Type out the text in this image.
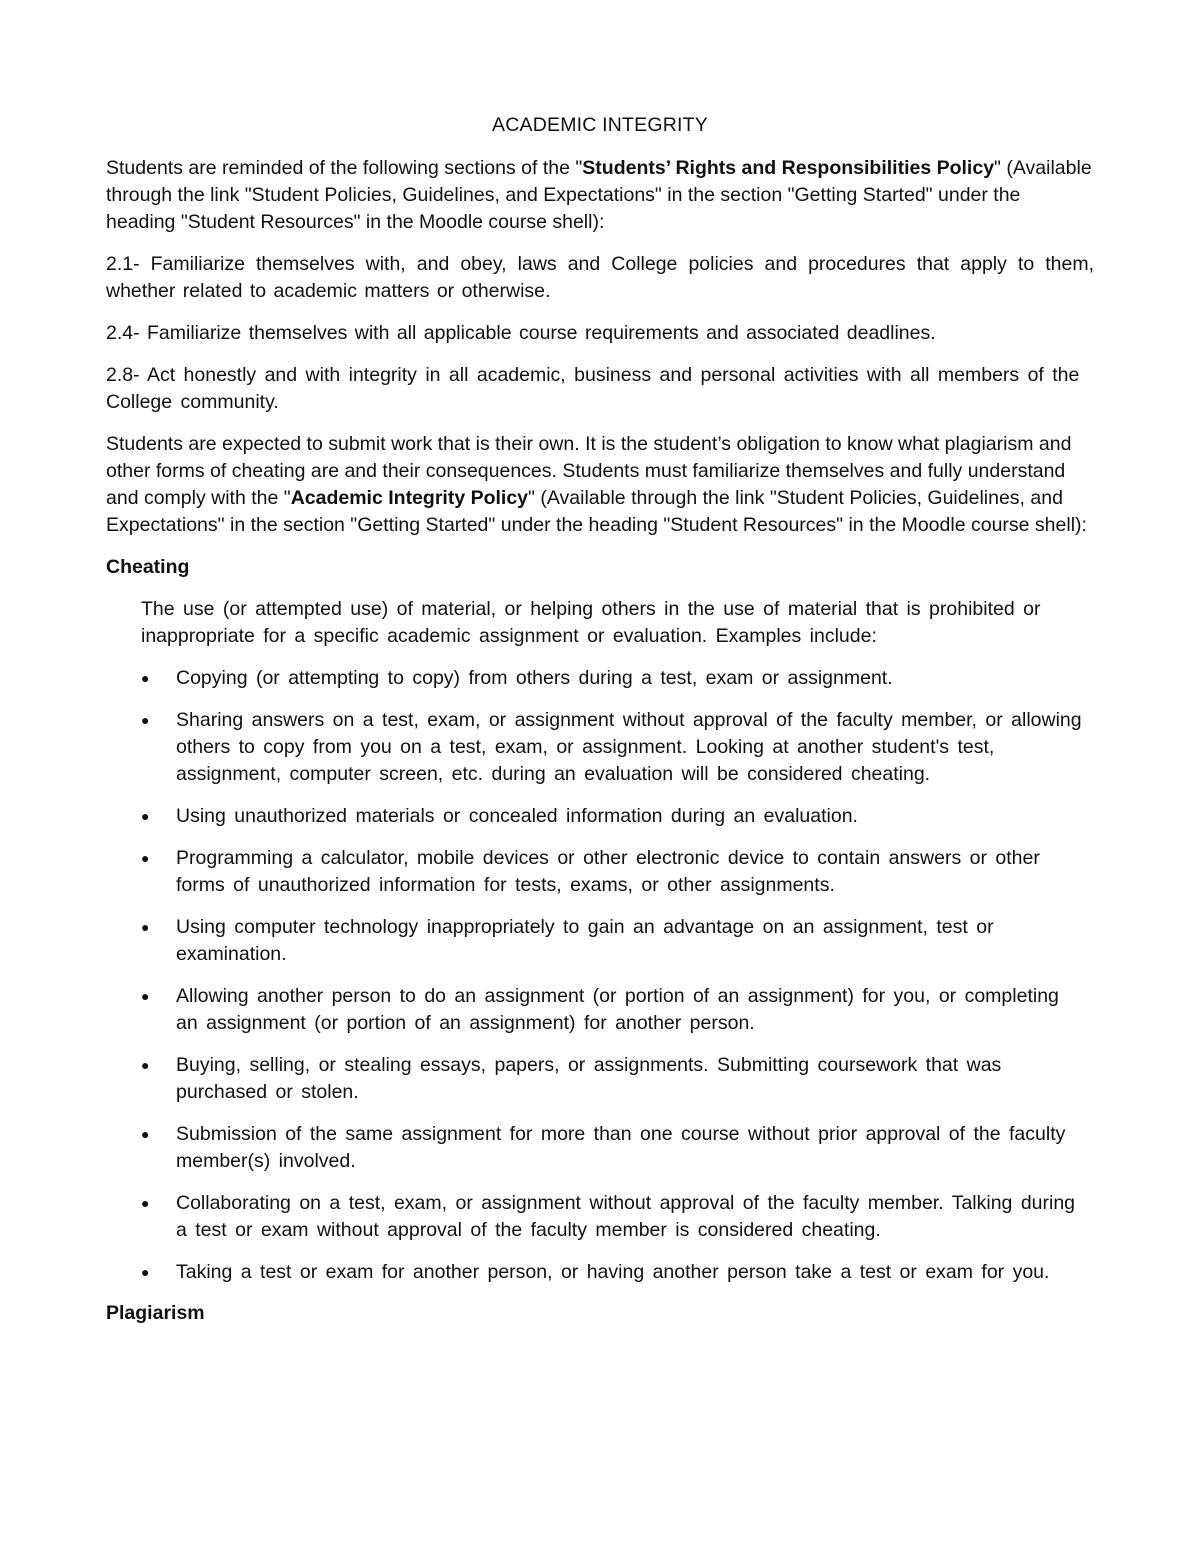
ACADEMIC INTEGRITY

Students are reminded of the following sections of the "Students’ Rights and Responsibilities Policy" (Available through the link "Student Policies, Guidelines, and Expectations" in the section "Getting Started" under the heading "Student Resources" in the Moodle course shell):

2.1- Familiarize themselves with, and obey, laws and College policies and procedures that apply to them, whether related to academic matters or otherwise.

2.4- Familiarize themselves with all applicable course requirements and associated deadlines.

2.8- Act honestly and with integrity in all academic, business and personal activities with all members of the College community.

Students are expected to submit work that is their own. It is the student’s obligation to know what plagiarism and other forms of cheating are and their consequences. Students must familiarize themselves and fully understand and comply with the "Academic Integrity Policy" (Available through the link "Student Policies, Guidelines, and Expectations" in the section "Getting Started" under the heading "Student Resources" in the Moodle course shell):

Cheating

The use (or attempted use) of material, or helping others in the use of material that is prohibited or inappropriate for a specific academic assignment or evaluation. Examples include:

● Copying (or attempting to copy) from others during a test, exam or assignment.
● Sharing answers on a test, exam, or assignment without approval of the faculty member, or allowing others to copy from you on a test, exam, or assignment. Looking at another student's test, assignment, computer screen, etc. during an evaluation will be considered cheating.
● Using unauthorized materials or concealed information during an evaluation.
● Programming a calculator, mobile devices or other electronic device to contain answers or other forms of unauthorized information for tests, exams, or other assignments.
● Using computer technology inappropriately to gain an advantage on an assignment, test or examination.
● Allowing another person to do an assignment (or portion of an assignment) for you, or completing an assignment (or portion of an assignment) for another person.
● Buying, selling, or stealing essays, papers, or assignments. Submitting coursework that was purchased or stolen.
● Submission of the same assignment for more than one course without prior approval of the faculty member(s) involved.
● Collaborating on a test, exam, or assignment without approval of the faculty member. Talking during a test or exam without approval of the faculty member is considered cheating.
● Taking a test or exam for another person, or having another person take a test or exam for you.
Plagiarism
